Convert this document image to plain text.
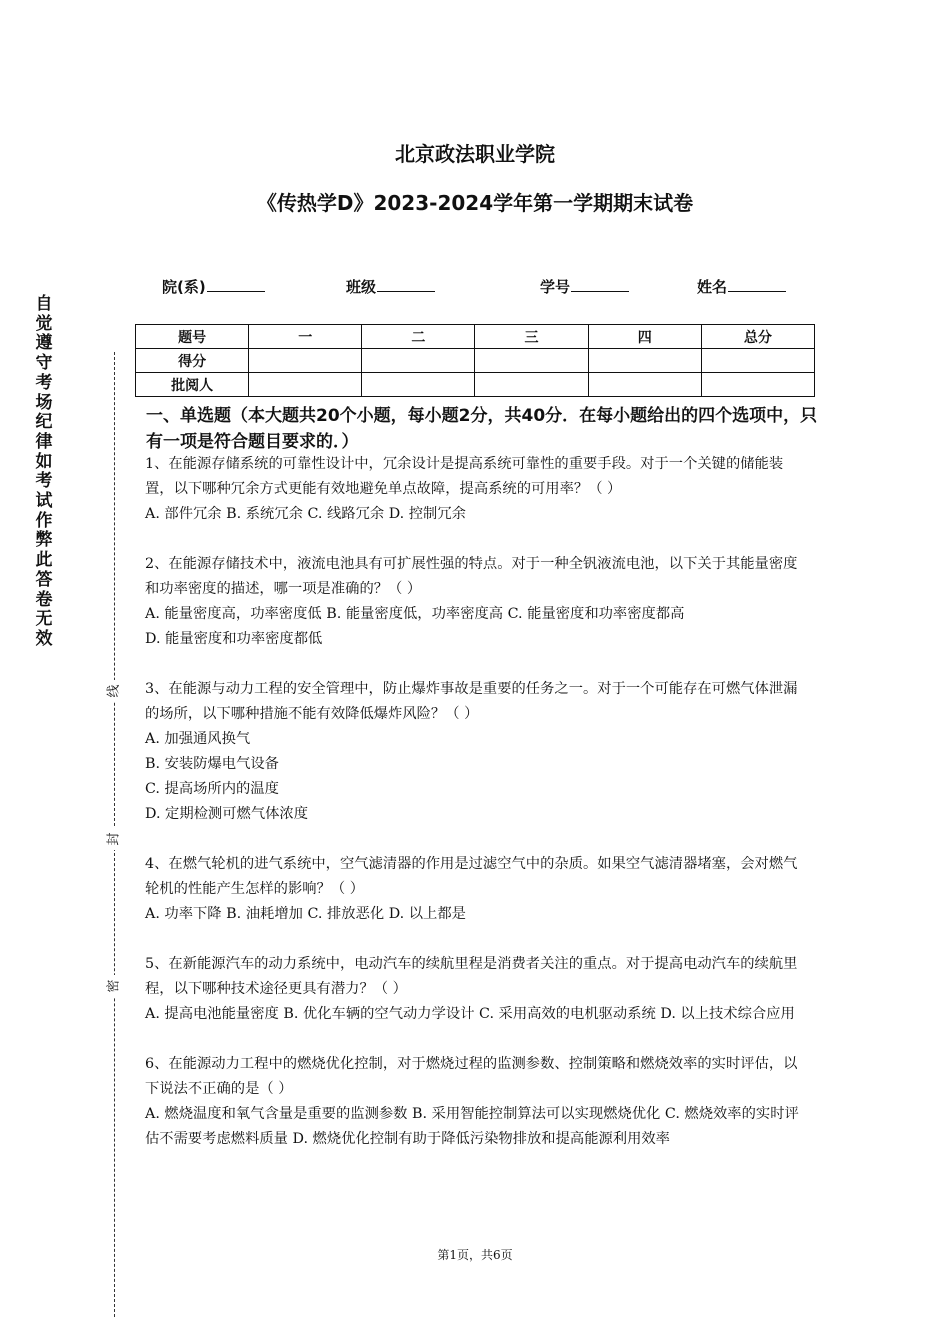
北京政法职业学院
《传热学D》2023-2024学年第一学期期末试卷
院(系)	班级	学号	姓名
题号	一	二	三	四	总分
得分					
批阅人					
一、单选题（本大题共20个小题，每小题2分，共40分．在每小题给出的四个选项中，只有一项是符合题目要求的．）

1、在能源存储系统的可靠性设计中，冗余设计是提高系统可靠性的重要手段。对于一个关键的储能装置，以下哪种冗余方式更能有效地避免单点故障，提高系统的可用率？（ ）

A. 部件冗余 B. 系统冗余 C. 线路冗余 D. 控制冗余

2、在能源存储技术中，液流电池具有可扩展性强的特点。对于一种全钒液流电池，以下关于其能量密度和功率密度的描述，哪一项是准确的？（ ）

A. 能量密度高，功率密度低 B. 能量密度低，功率密度高 C. 能量密度和功率密度都高

D. 能量密度和功率密度都低

3、在能源与动力工程的安全管理中，防止爆炸事故是重要的任务之一。对于一个可能存在可燃气体泄漏的场所，以下哪种措施不能有效降低爆炸风险？（ ）

A. 加强通风换气

B. 安装防爆电气设备

C. 提高场所内的温度

D. 定期检测可燃气体浓度

4、在燃气轮机的进气系统中，空气滤清器的作用是过滤空气中的杂质。如果空气滤清器堵塞，会对燃气轮机的性能产生怎样的影响？（ ）

A. 功率下降 B. 油耗增加 C. 排放恶化 D. 以上都是

5、在新能源汽车的动力系统中，电动汽车的续航里程是消费者关注的重点。对于提高电动汽车的续航里程，以下哪种技术途径更具有潜力？（ ）

A. 提高电池能量密度 B. 优化车辆的空气动力学设计 C. 采用高效的电机驱动系统 D. 以上技术综合应用

6、在能源动力工程中的燃烧优化控制，对于燃烧过程的监测参数、控制策略和燃烧效率的实时评估，以下说法不正确的是（ ）

A. 燃烧温度和氧气含量是重要的监测参数 B. 采用智能控制算法可以实现燃烧优化 C. 燃烧效率的实时评估不需要考虑燃料质量 D. 燃烧优化控制有助于降低污染物排放和提高能源利用效率

自觉遵守考场纪律如考试作弊此答卷无效
线
封
密
第1页，共6页
